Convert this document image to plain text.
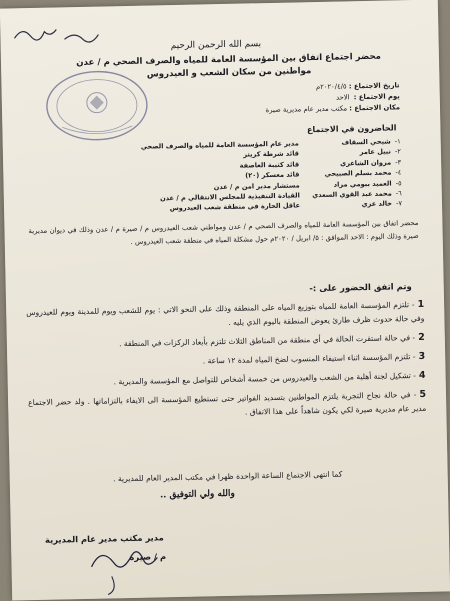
بسم الله الرحمن الرحيم
محضر اجتماع اتفاق بين المؤسسة العامة للمياه والصرف الصحي م / عدن
مواطنين من سكان الشعب و العيدروس
تاريخ الاجتماع : ٢٠٢٠/٤/٥م
يوم الاجتماع : الاحد
مكان الاجتماع : مكتب مدير عام مديرية صيرة
الحاضرون في الاجتماع
١-
شيحي السقاف
مدير عام المؤسسة العامة للمياه والصرف الصحي
٢-
نبيل عامر
قائد شرطة كريتر
٣-
مروان الشاعري
قائد كتيبة العاصفة
٤-
محمد بسلم الصبيحي
قائد معسكر (٢٠)
٥-
العميد بيومي مراد
مستشار مدير امن م / عدن
٦-
محمد عبد القوي السعدي
القيادة التنفيذية للمجلس الانتقالي م / عدن
٧-
خالد عزي
عاقل الحارة في منطقة شعب العيدروس
محضر اتفاق بين المؤسسة العامة للمياه والصرف الصحي م / عدن ومواطني شعب العيدروس م / صيرة م / عدن وذلك في ديوان مديرية صيرة وذلك اليوم : الاحد الموافق : ٥/ ابريل / ٢٠٢٠م حول مشكلة المياه في منطقة شعب العيدروس .
وتم اتفق الحضور على :-
1- تلتزم المؤسسة العامة للمياه بتوزيع المياه على المنطقة وذلك على النحو الاتي : يوم للشعب ويوم للمدينة ويوم للعيدروس وفي حالة حدوث ظرف طارئ يعوض المنطقة باليوم الذي يليه .
2- في حالة استقرت الحالة في أي منطقة من المناطق الثلاث تلتزم بأبعاد الركزات في المنطقة .
3- تلتزم المؤسسة اثناء استيفاء المنسوب لضخ المياه لمدة ١٢ ساعة .
4- تشكيل لجنة أهلية من الشعب والعيدروس من خمسة أشخاص للتواصل مع المؤسسة والمديرية .
5- في حالة نجاح التجربة يلتزم المواطنين بتسديد الفواتير حتى تستطيع المؤسسة الى الايفاء بالتزاماتها . ولد حضر الاجتماع مدير عام مديرية صيرة لكي يكون شاهداً على هذا الاتفاق .
كما انتهى الاجتماع الساعة الواحدة ظهرا في مكتب المدير العام للمديرية .
والله ولي التوفيق ..
مدير مكتب مدير عام المديرية
م / صيرة
